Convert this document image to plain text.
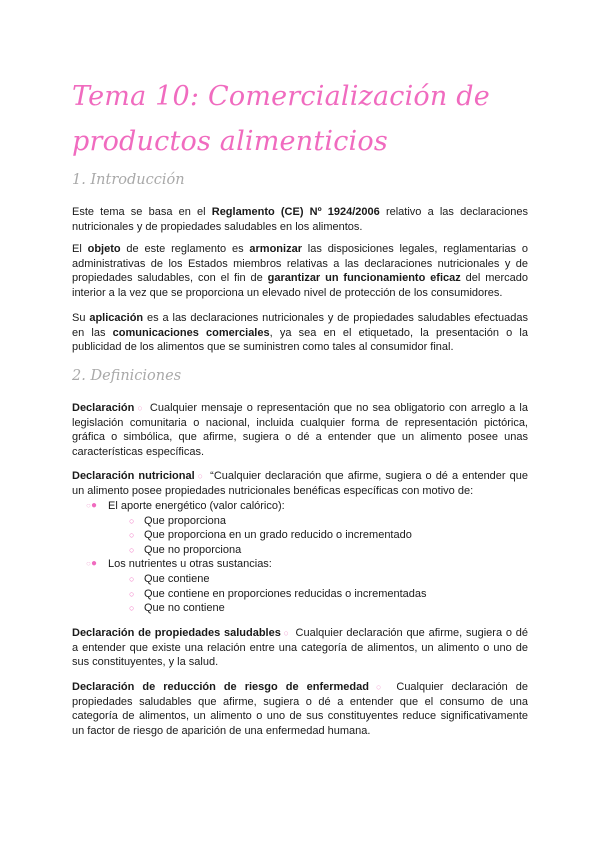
Tema 10: Comercialización de productos alimenticios
1. Introducción
Este tema se basa en el Reglamento (CE) Nº 1924/2006 relativo a las declaraciones nutricionales y de propiedades saludables en los alimentos.
El objeto de este reglamento es armonizar las disposiciones legales, reglamentarias o administrativas de los Estados miembros relativas a las declaraciones nutricionales y de propiedades saludables, con el fin de garantizar un funcionamiento eficaz del mercado interior a la vez que se proporciona un elevado nivel de protección de los consumidores.
Su aplicación es a las declaraciones nutricionales y de propiedades saludables efectuadas en las comunicaciones comerciales, ya sea en el etiquetado, la presentación o la publicidad de los alimentos que se suministren como tales al consumidor final.
2. Definiciones
Declaración ○ Cualquier mensaje o representación que no sea obligatorio con arreglo a la legislación comunitaria o nacional, incluida cualquier forma de representación pictórica, gráfica o simbólica, que afirme, sugiera o dé a entender que un alimento posee unas características específicas.
Declaración nutricional ○ “Cualquier declaración que afirme, sugiera o dé a entender que un alimento posee propiedades nutricionales benéficas específicas con motivo de:
○ ● El aporte energético (valor calórico):
○ Que proporciona
○ Que proporciona en un grado reducido o incrementado
○ Que no proporciona
○ ● Los nutrientes u otras sustancias:
○ Que contiene
○ Que contiene en proporciones reducidas o incrementadas
○ Que no contiene
Declaración de propiedades saludables ○ Cualquier declaración que afirme, sugiera o dé a entender que existe una relación entre una categoría de alimentos, un alimento o uno de sus constituyentes, y la salud.
Declaración de reducción de riesgo de enfermedad ○ Cualquier declaración de propiedades saludables que afirme, sugiera o dé a entender que el consumo de una categoría de alimentos, un alimento o uno de sus constituyentes reduce significativamente un factor de riesgo de aparición de una enfermedad humana.
